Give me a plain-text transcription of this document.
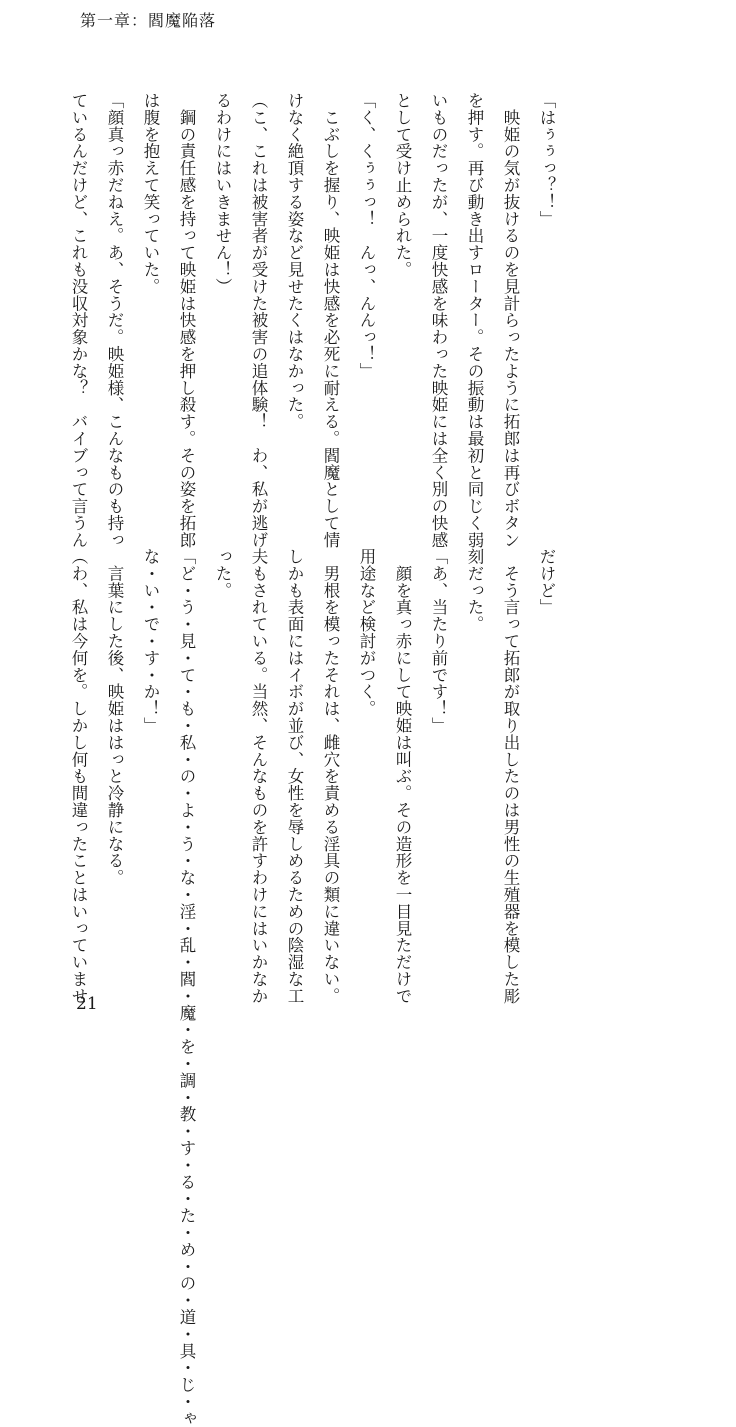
第一章：閻魔陥落
「はぅぅっ？！」
　映姫の気が抜けるのを見計らったように拓郎は再びボタン
を押す。再び動き出すローター。その振動は最初と同じく弱
いものだったが、一度快感を味わった映姫には全く別の快感
として受け止められた。
「く、くぅぅっ！　んっ、んんっ！」
　こぶしを握り、映姫は快感を必死に耐える。閻魔として情
けなく絶頂する姿など見せたくはなかった。
（こ、これは被害者が受けた被害の追体験！　わ、私が逃げ
るわけにはいきません！）
　鋼の責任感を持って映姫は快感を押し殺す。その姿を拓郎
は腹を抱えて笑っていた。
「顔真っ赤だねえ。あ、そうだ。映姫様、こんなものも持っ
ているんだけど、これも没収対象かな？　バイブって言うん
だけど」
　そう言って拓郎が取り出したのは男性の生殖器を模した彫
刻だった。
「あ、当たり前です！」
　顔を真っ赤にして映姫は叫ぶ。その造形を一目見ただけで
用途など検討がつく。
　男根を模ったそれは、雌穴を責める淫具の類に違いない。
しかも表面にはイボが並び、女性を辱しめるための陰湿な工
夫もされている。当然、そんなものを許すわけにはいかなか
った。
「ど・う・見・て・も・私・の・よ・う・な・淫・乱・閻・魔・を・調・教・す・る・た・め・の・道・具・じ・ゃ
な・い・で・す・か！」
　言葉にした後、映姫ははっと冷静になる。
（わ、私は今何を。しかし何も間違ったことはいっていませ
21
